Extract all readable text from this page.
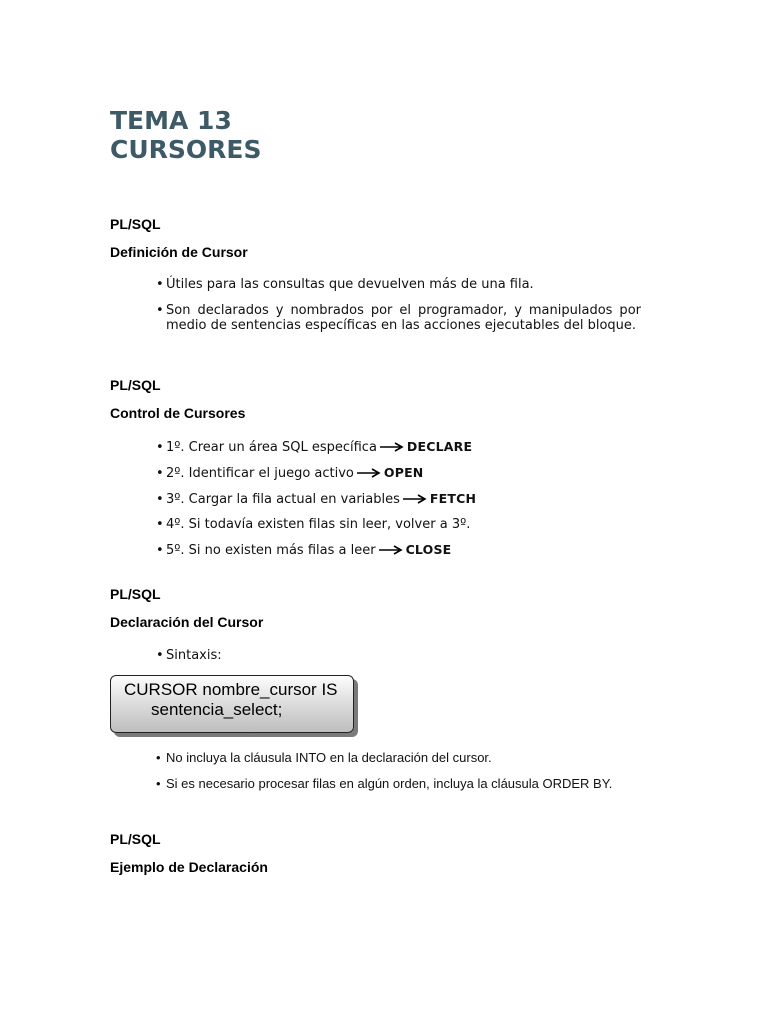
TEMA 13
CURSORES

PL/SQL

Definición de Cursor

• Útiles para las consultas que devuelven más de una fila.
• Son declarados y nombrados por el programador, y manipulados por medio de sentencias específicas en las acciones ejecutables del bloque.

PL/SQL

Control de Cursores

• 1º. Crear un área SQL específica DECLARE
• 2º. Identificar el juego activo OPEN
• 3º. Cargar la fila actual en variables FETCH
• 4º. Si todavía existen filas sin leer, volver a 3º.
• 5º. Si no existen más filas a leer CLOSE

PL/SQL

Declaración del Cursor

• Sintaxis:
CURSOR nombre_cursor IS
sentencia_select;
• No incluya la cláusula INTO en la declaración del cursor.
• Si es necesario procesar filas en algún orden, incluya la cláusula ORDER BY.

PL/SQL

Ejemplo de Declaración
